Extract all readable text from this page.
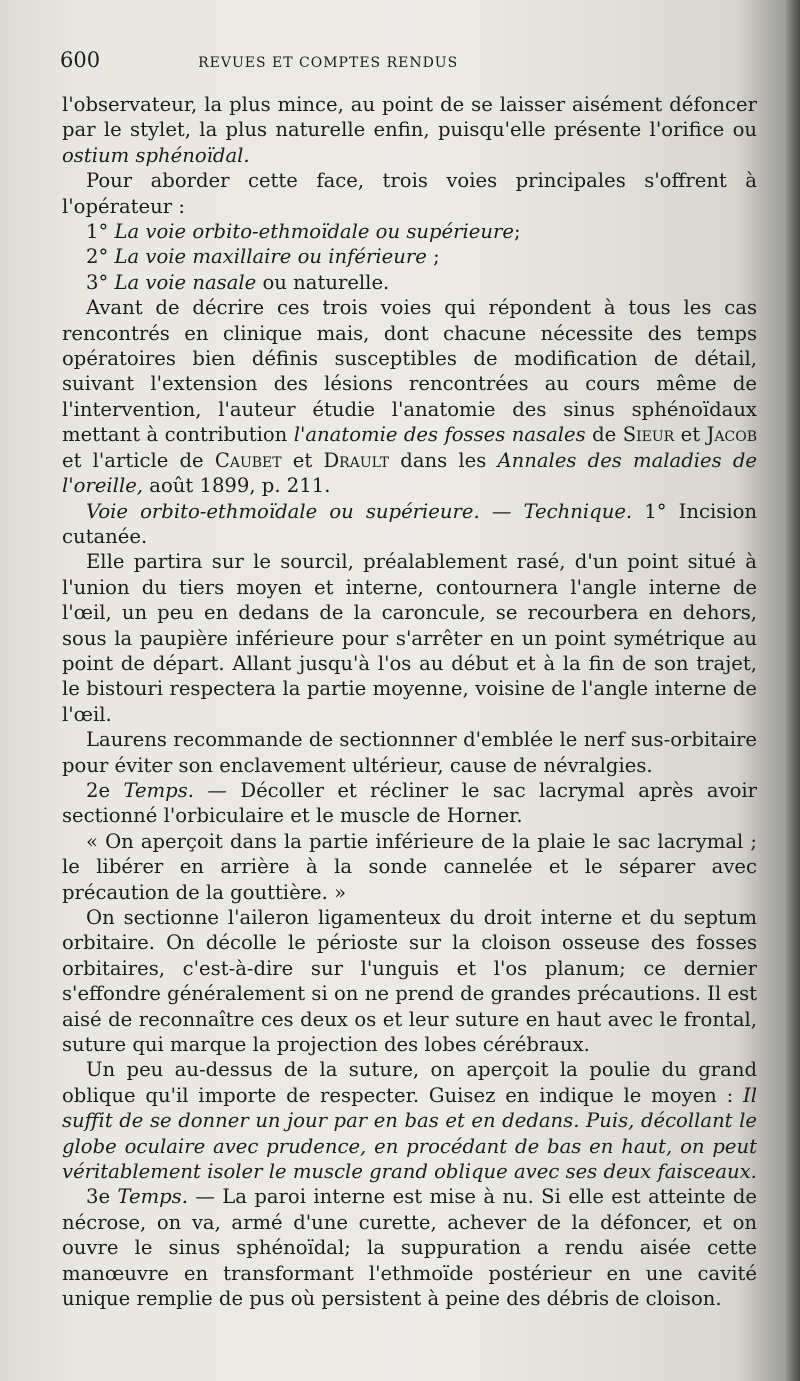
600	REVUES ET COMPTES RENDUS

l'observateur, la plus mince, au point de se laisser aisément défoncer par le stylet, la plus naturelle enfin, puisqu'elle présente l'orifice ou ostium sphénoïdal.

Pour aborder cette face, trois voies principales s'offrent à l'opérateur :

1° La voie orbito-ethmoïdale ou supérieure;

2° La voie maxillaire ou inférieure ;

3° La voie nasale ou naturelle.

Avant de décrire ces trois voies qui répondent à tous les cas rencontrés en clinique mais, dont chacune nécessite des temps opératoires bien définis susceptibles de modification de détail, suivant l'extension des lésions rencontrées au cours même de l'intervention, l'auteur étudie l'anatomie des sinus sphénoïdaux mettant à contribution l'anatomie des fosses nasales de Sieur et Jacob et l'article de Caubet et Drault dans les Annales des maladies de l'oreille, août 1899, p. 211.

Voie orbito-ethmoïdale ou supérieure. — Technique. 1° Incision cutanée.

Elle partira sur le sourcil, préalablement rasé, d'un point situé à l'union du tiers moyen et interne, contournera l'angle interne de l'œil, un peu en dedans de la caroncule, se recourbera en dehors, sous la paupière inférieure pour s'arrêter en un point symétrique au point de départ. Allant jusqu'à l'os au début et à la fin de son trajet, le bistouri respectera la partie moyenne, voisine de l'angle interne de l'œil.

Laurens recommande de sectionnner d'emblée le nerf sus-orbitaire pour éviter son enclavement ultérieur, cause de névralgies.

2e Temps. — Décoller et récliner le sac lacrymal après avoir sectionné l'orbiculaire et le muscle de Horner.

« On aperçoit dans la partie inférieure de la plaie le sac lacrymal ; le libérer en arrière à la sonde cannelée et le séparer avec précaution de la gouttière. »

On sectionne l'aileron ligamenteux du droit interne et du septum orbitaire. On décolle le périoste sur la cloison osseuse des fosses orbitaires, c'est-à-dire sur l'unguis et l'os planum; ce dernier s'effondre généralement si on ne prend de grandes précautions. Il est aisé de reconnaître ces deux os et leur suture en haut avec le frontal, suture qui marque la projection des lobes cérébraux.

Un peu au-dessus de la suture, on aperçoit la poulie du grand oblique qu'il importe de respecter. Guisez en indique le moyen : Il suffit de se donner un jour par en bas et en dedans. Puis, décollant le globe oculaire avec prudence, en procédant de bas en haut, on peut véritablement isoler le muscle grand oblique avec ses deux faisceaux.

3e Temps. — La paroi interne est mise à nu. Si elle est atteinte de nécrose, on va, armé d'une curette, achever de la défoncer, et on ouvre le sinus sphénoïdal; la suppuration a rendu aisée cette manœuvre en transformant l'ethmoïde postérieur en une cavité unique remplie de pus où persistent à peine des débris de cloison.
